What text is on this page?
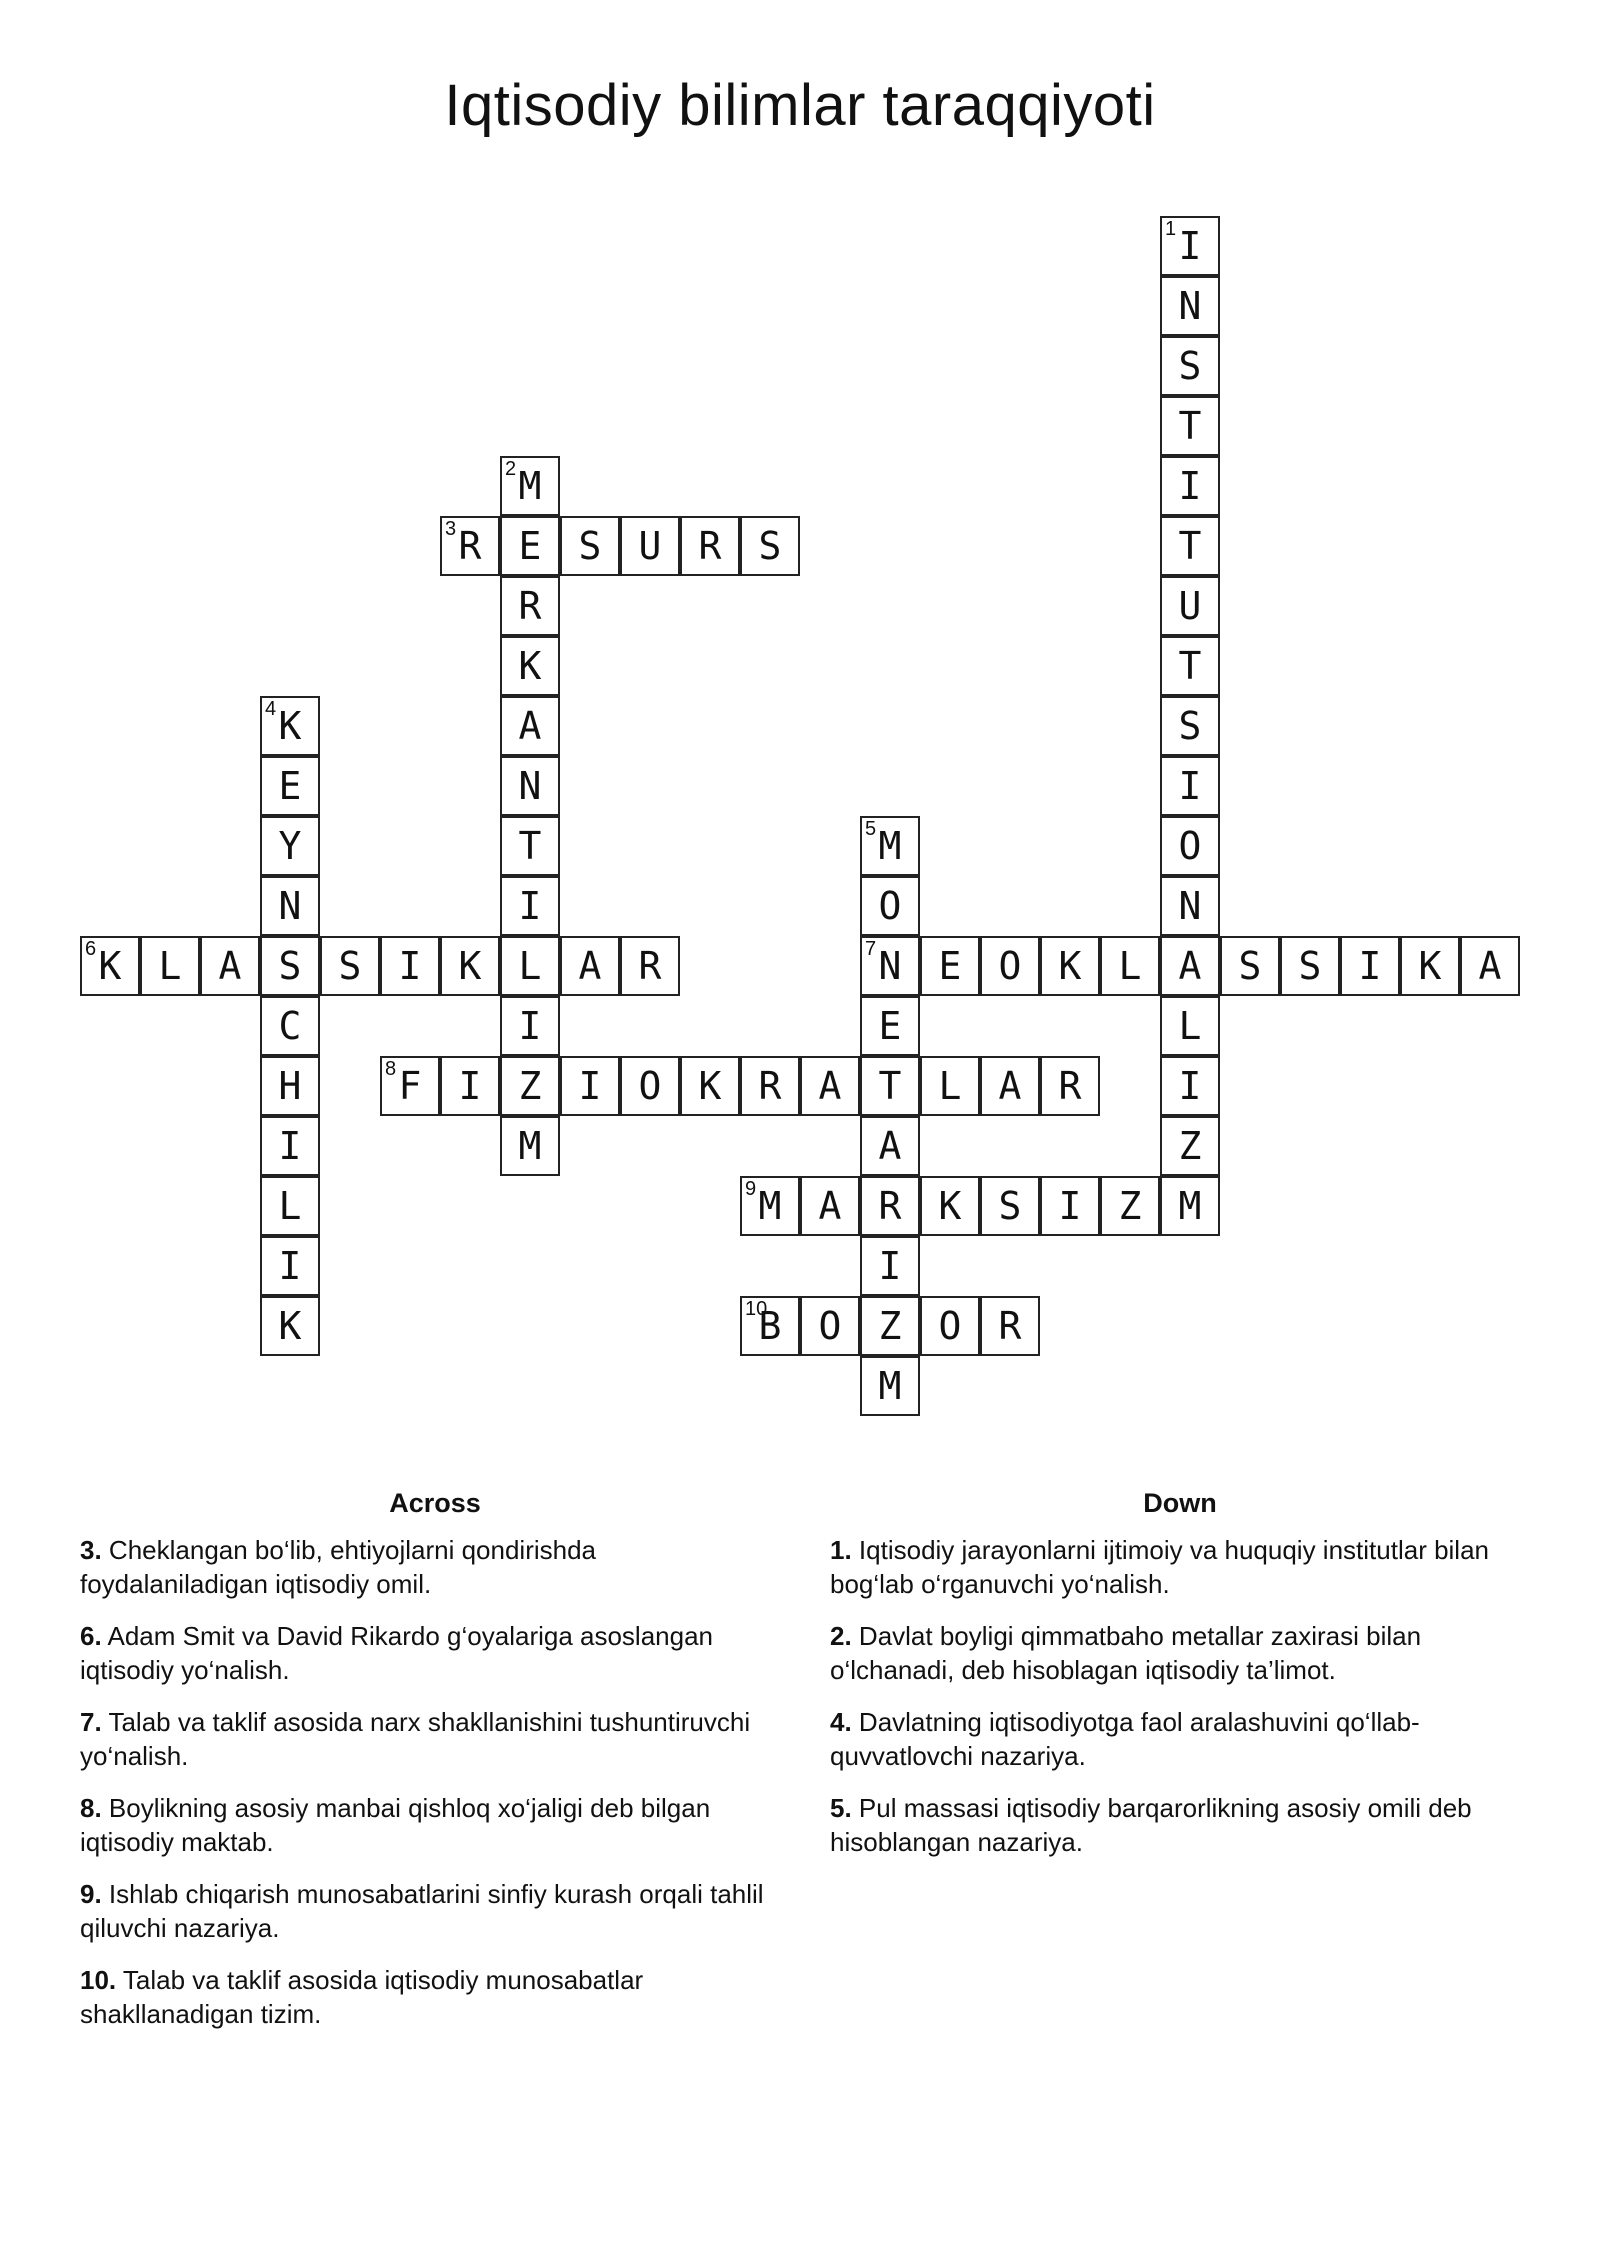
Iqtisodiy bilimlar taraqqiyoti
I
1
N
S
T
I
T
U
T
S
I
O
N
A
L
I
Z
M
M
2
E
R
K
A
N
T
I
L
I
Z
M
R
3	S U R S
K
4
E
Y
N
S
C
H
I
L
I
K
M
5
O
N
7
E
T
A
R
I
Z
M
K
6	L A	S I K	A R	E O K L	S S I K A
F
8	I	I O K R A	L A R
M
9	A	K S I Z
B
10	O	O R
Across
3. Cheklangan bo‘lib, ehtiyojlarni qondirishda foydalaniladigan iqtisodiy omil.
6. Adam Smit va David Rikardo g‘oyalariga asoslangan iqtisodiy yo‘nalish.
7. Talab va taklif asosida narx shakllanishini tushuntiruvchi yo‘nalish.
8. Boylikning asosiy manbai qishloq xo‘jaligi deb bilgan iqtisodiy maktab.
9. Ishlab chiqarish munosabatlarini sinfiy kurash orqali tahlil qiluvchi nazariya.
10. Talab va taklif asosida iqtisodiy munosabatlar shakllanadigan tizim.
Down
1. Iqtisodiy jarayonlarni ijtimoiy va huquqiy institutlar bilan bog‘lab o‘rganuvchi yo‘nalish.
2. Davlat boyligi qimmatbaho metallar zaxirasi bilan o‘lchanadi, deb hisoblagan iqtisodiy ta’limot.
4. Davlatning iqtisodiyotga faol aralashuvini qo‘llab-quvvatlovchi nazariya.
5. Pul massasi iqtisodiy barqarorlikning asosiy omili deb hisoblangan nazariya.
